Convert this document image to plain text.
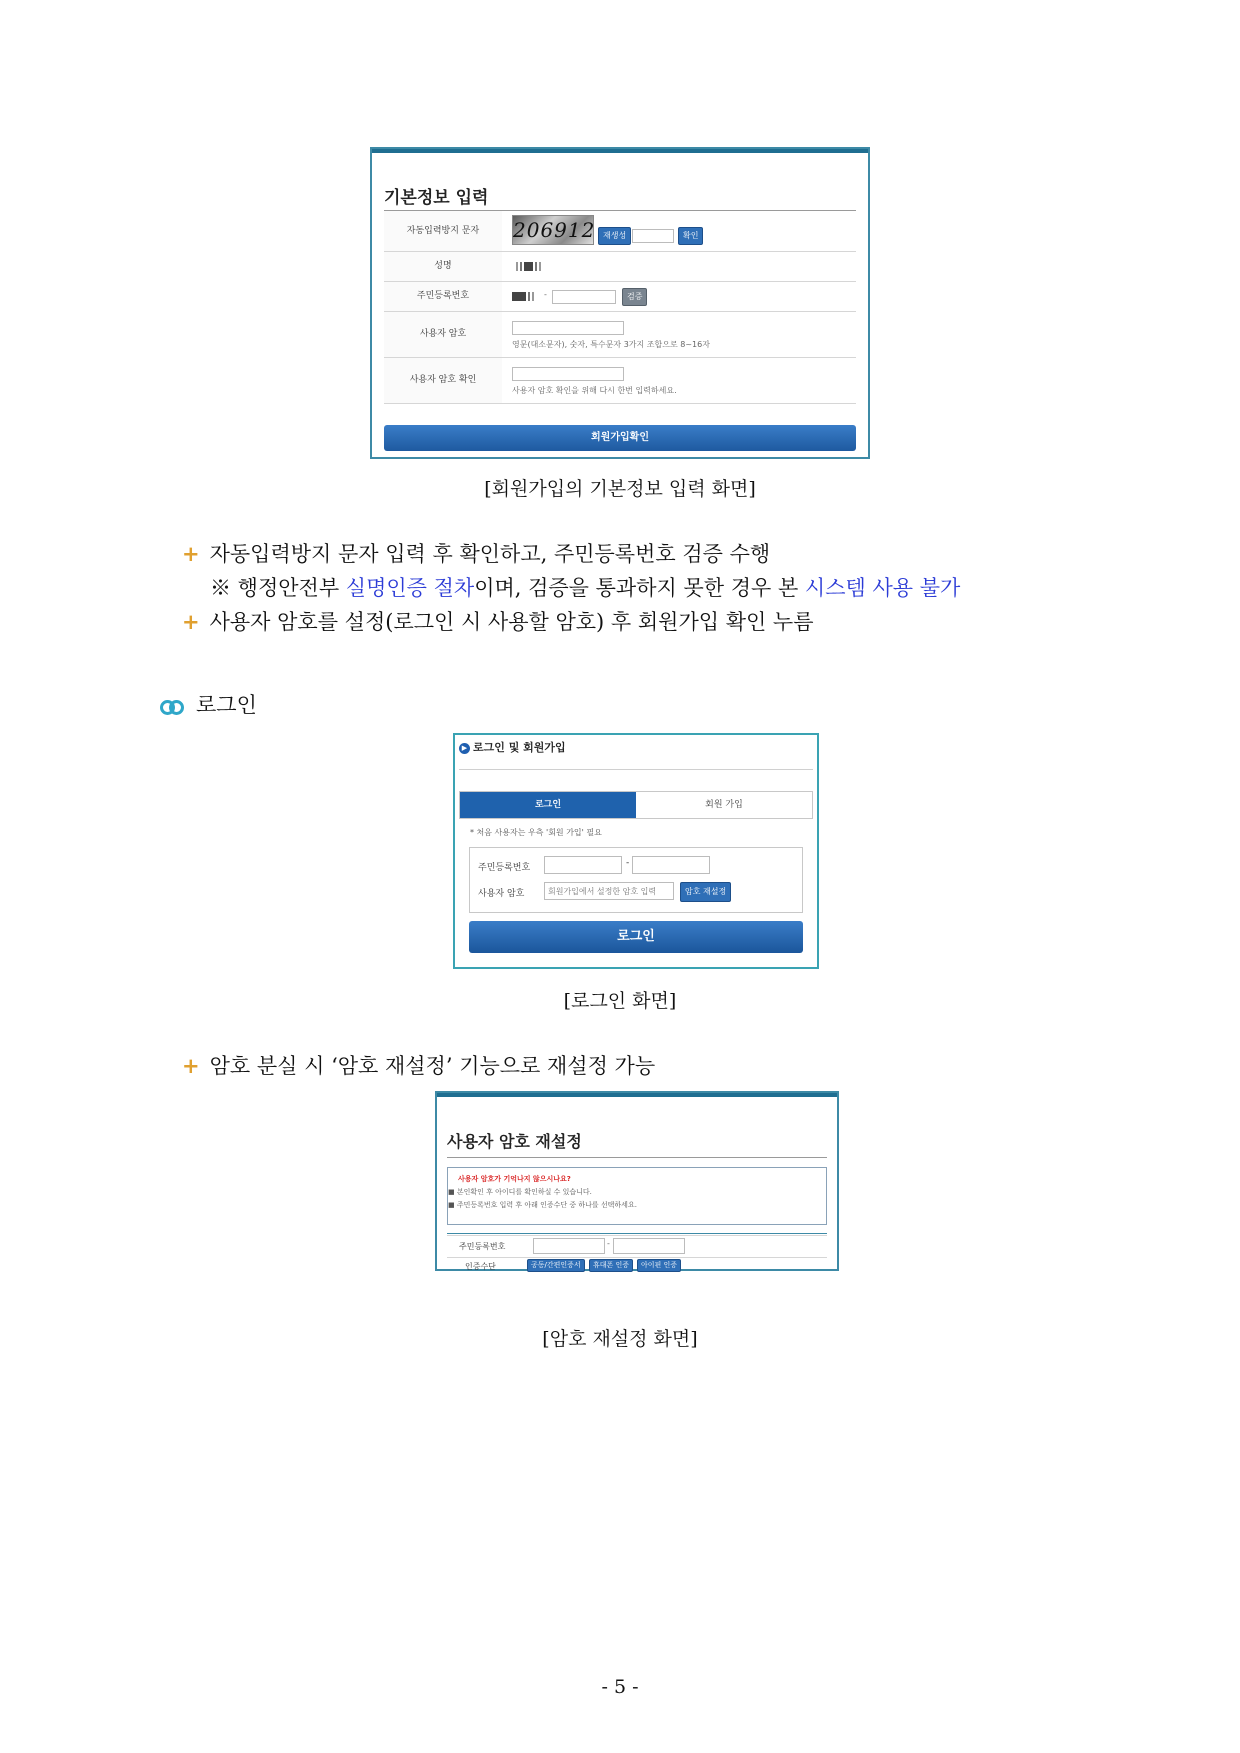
기본정보 입력
자동입력방지 문자	206912 재생성	확인
성명
주민등록번호	-	검증
사용자 암호
영문(대소문자), 숫자, 특수문자 3가지 조합으로 8~16자
사용자 암호 확인
사용자 암호 확인을 위해 다시 한번 입력하세요.
회원가입확인
[회원가입의 기본정보 입력 화면]
+ 자동입력방지 문자 입력 후 확인하고, 주민등록번호 검증 수행
※ 행정안전부 실명인증 절차이며, 검증을 통과하지 못한 경우 본 시스템 사용 불가
+ 사용자 암호를 설정(로그인 시 사용할 암호) 후 회원가입 확인 누름
로그인
▶ 로그인 및 회원가입
로그인	회원 가입
* 처음 사용자는 우측 '회원 가입' 필요
주민등록번호	-
사용자 암호	회원가입에서 설정한 암호 입력	암호 재설정
로그인
[로그인 화면]
+ 암호 분실 시 ‘암호 재설정’ 기능으로 재설정 가능
사용자 암호 재설정
사용자 암호가 기억나지 않으시나요?
■ 본인확인 후 아이디를 확인하실 수 있습니다.
■ 주민등록번호 입력 후 아래 인증수단 중 하나를 선택하세요.
주민등록번호	-
인증수단	공동/간편인증서	휴대폰 인증	아이핀 인증
[암호 재설정 화면]
- 5 -
